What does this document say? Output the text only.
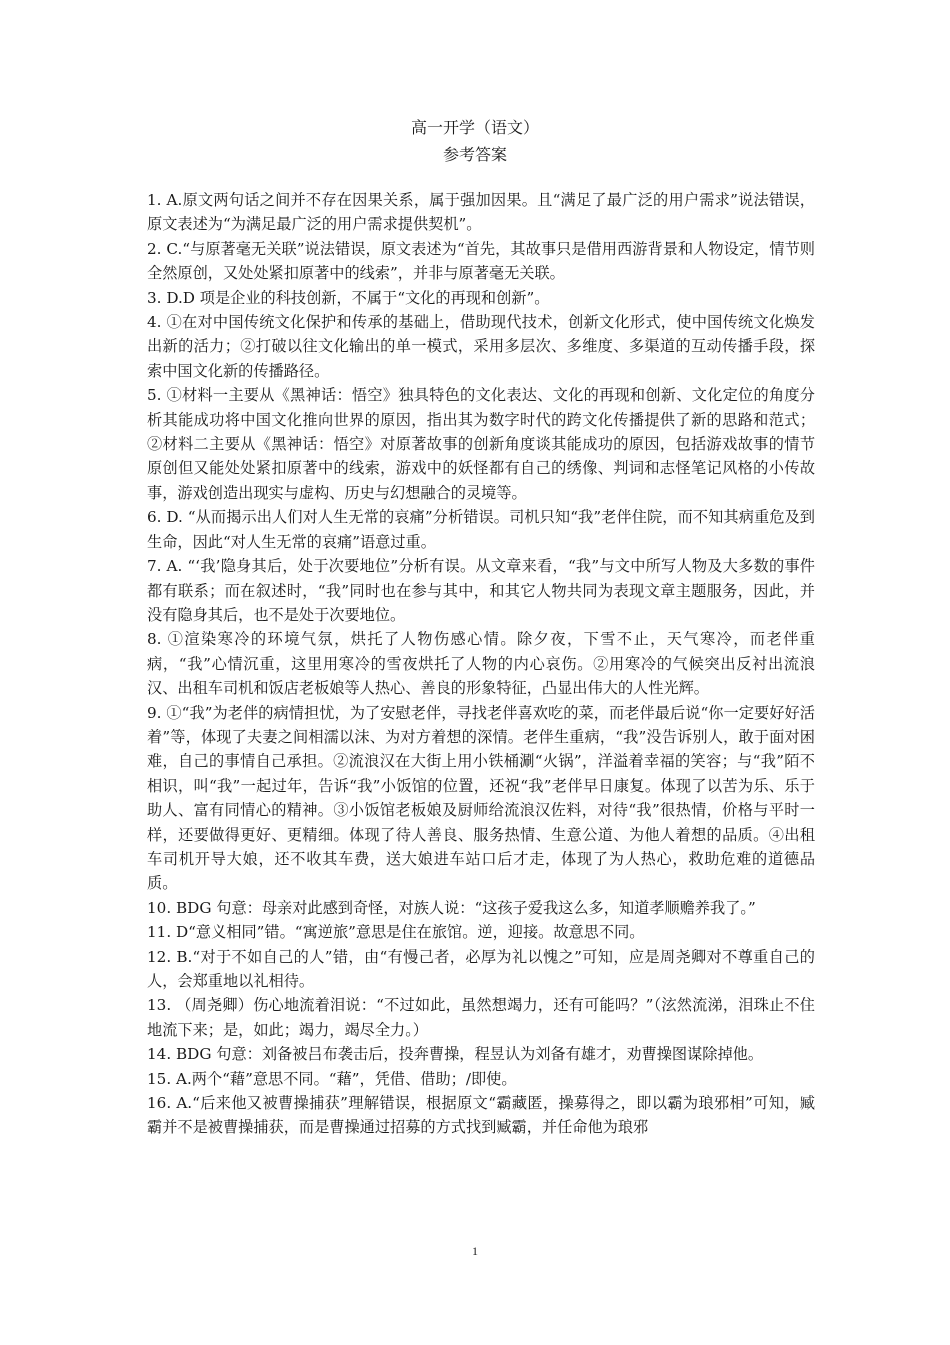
高一开学（语文）
参考答案

1. A.原文两句话之间并不存在因果关系，属于强加因果。且“满足了最广泛的用户需求”说法错误，原文表述为“为满足最广泛的用户需求提供契机”。

2. C.“与原著毫无关联”说法错误，原文表述为“首先，其故事只是借用西游背景和人物设定，情节则全然原创，又处处紧扣原著中的线索”，并非与原著毫无关联。

3. D.D 项是企业的科技创新，不属于“文化的再现和创新”。

4. ①在对中国传统文化保护和传承的基础上，借助现代技术，创新文化形式，使中国传统文化焕发出新的活力；②打破以往文化输出的单一模式，采用多层次、多维度、多渠道的互动传播手段，探索中国文化新的传播路径。

5. ①材料一主要从《黑神话：悟空》独具特色的文化表达、文化的再现和创新、文化定位的角度分析其能成功将中国文化推向世界的原因，指出其为数字时代的跨文化传播提供了新的思路和范式；②材料二主要从《黑神话：悟空》对原著故事的创新角度谈其能成功的原因，包括游戏故事的情节原创但又能处处紧扣原著中的线索，游戏中的妖怪都有自己的绣像、判词和志怪笔记风格的小传故事，游戏创造出现实与虚构、历史与幻想融合的灵境等。

6. D. “从而揭示出人们对人生无常的哀痛”分析错误。司机只知“我”老伴住院，而不知其病重危及到生命，因此“对人生无常的哀痛”语意过重。

7. A. “‘我’隐身其后，处于次要地位”分析有误。从文章来看，“我”与文中所写人物及大多数的事件都有联系；而在叙述时，“我”同时也在参与其中，和其它人物共同为表现文章主题服务，因此，并没有隐身其后，也不是处于次要地位。

8. ①渲染寒冷的环境气氛，烘托了人物伤感心情。除夕夜，下雪不止，天气寒冷，而老伴重病，“我”心情沉重，这里用寒冷的雪夜烘托了人物的内心哀伤。②用寒冷的气候突出反衬出流浪汉、出租车司机和饭店老板娘等人热心、善良的形象特征，凸显出伟大的人性光辉。

9. ①“我”为老伴的病情担忧，为了安慰老伴，寻找老伴喜欢吃的菜，而老伴最后说“你一定要好好活着”等，体现了夫妻之间相濡以沫、为对方着想的深情。老伴生重病，“我”没告诉别人，敢于面对困难，自己的事情自己承担。②流浪汉在大街上用小铁桶涮“火锅”，洋溢着幸福的笑容；与“我”陌不相识，叫“我”一起过年，告诉“我”小饭馆的位置，还祝“我”老伴早日康复。体现了以苦为乐、乐于助人、富有同情心的精神。③小饭馆老板娘及厨师给流浪汉佐料，对待“我”很热情，价格与平时一样，还要做得更好、更精细。体现了待人善良、服务热情、生意公道、为他人着想的品质。④出租车司机开导大娘，还不收其车费，送大娘进车站口后才走，体现了为人热心，救助危难的道德品质。

10. BDG 句意：母亲对此感到奇怪，对族人说：“这孩子爱我这么多，知道孝顺赡养我了。”

11. D“意义相同”错。“寓逆旅”意思是住在旅馆。逆，迎接。故意思不同。

12. B.“对于不如自己的人”错，由“有慢己者，必厚为礼以愧之”可知，应是周尧卿对不尊重自己的人，会郑重地以礼相待。

13. （周尧卿）伤心地流着泪说：“不过如此，虽然想竭力，还有可能吗？”（泫然流涕，泪珠止不住地流下来；是，如此；竭力，竭尽全力。）

14. BDG 句意：刘备被吕布袭击后，投奔曹操，程昱认为刘备有雄才，劝曹操图谋除掉他。

15. A.两个“藉”意思不同。“藉”，凭借、借助；/即使。

16. A.“后来他又被曹操捕获”理解错误，根据原文“霸藏匿，操募得之，即以霸为琅邪相”可知，臧霸并不是被曹操捕获，而是曹操通过招募的方式找到臧霸，并任命他为琅邪

1
